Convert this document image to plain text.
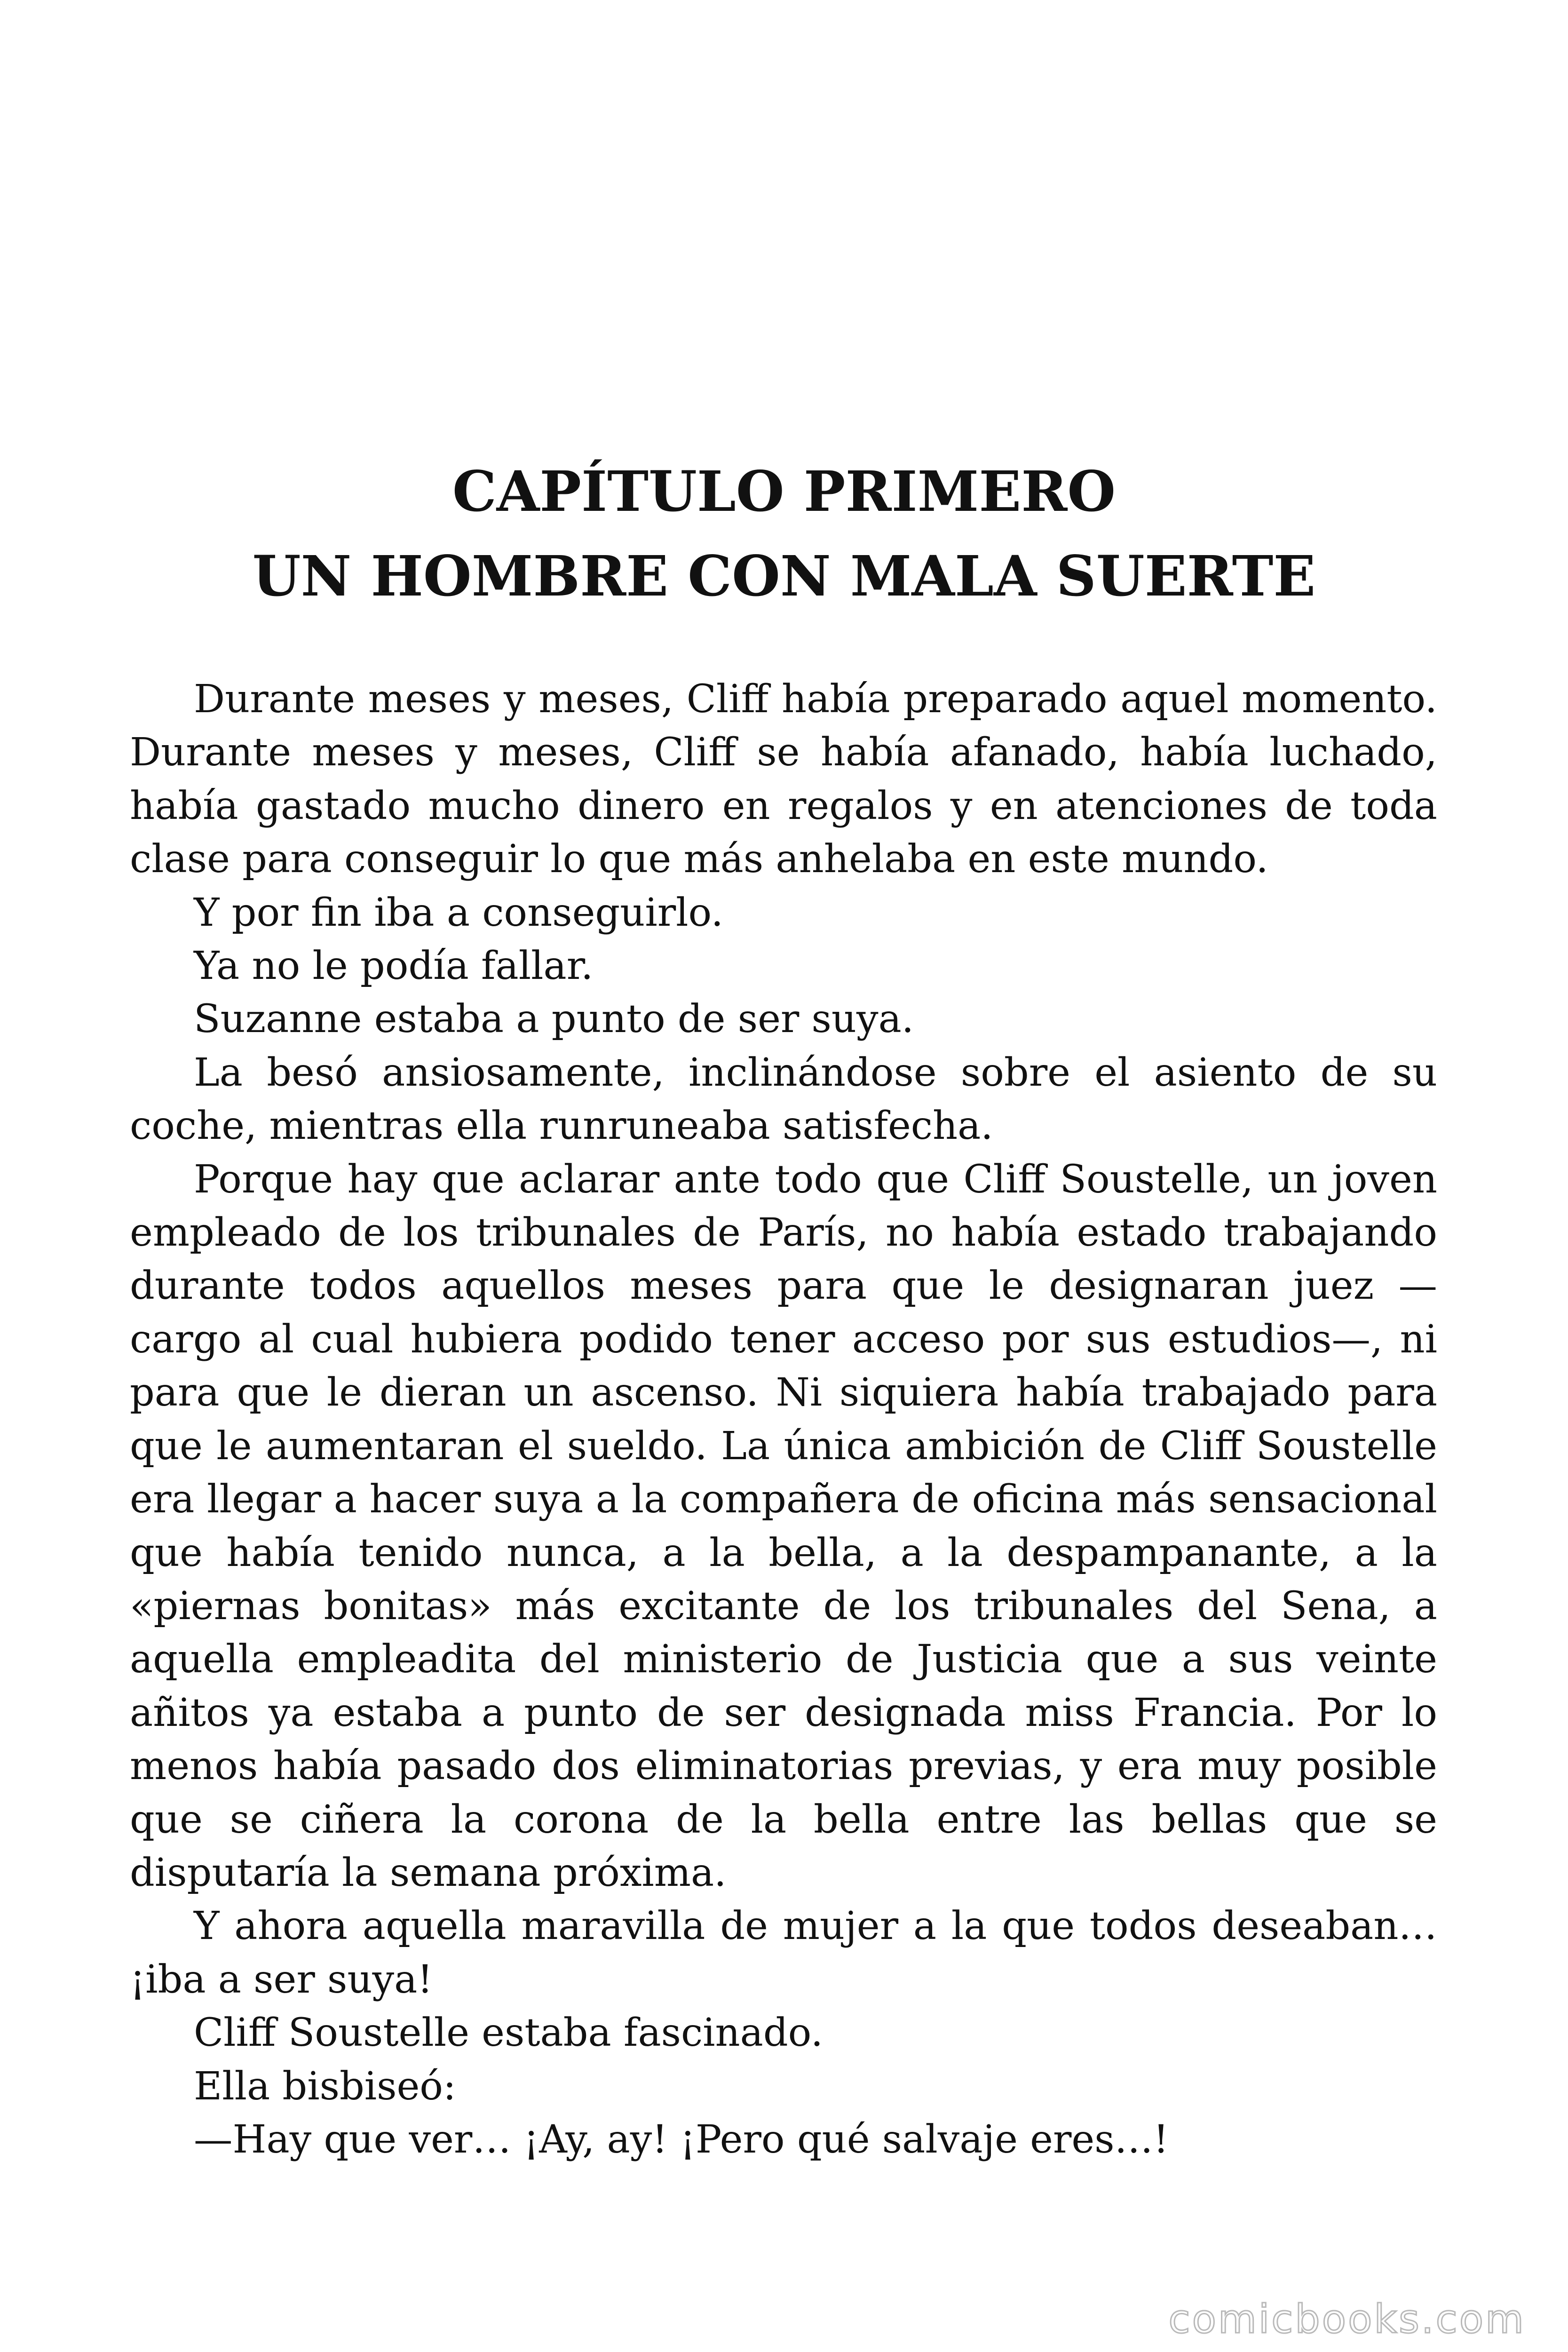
CAPÍTULO PRIMERO
UN HOMBRE CON MALA SUERTE

Durante meses y meses, Cliff había preparado aquel momento. Durante meses y meses, Cliff se había afanado, había luchado, había gastado mucho dinero en regalos y en atenciones de toda clase para conseguir lo que más anhelaba en este mundo.

Y por fin iba a conseguirlo.

Ya no le podía fallar.

Suzanne estaba a punto de ser suya.

La besó ansiosamente, inclinándose sobre el asiento de su coche, mientras ella runruneaba satisfecha.

Porque hay que aclarar ante todo que Cliff Soustelle, un joven empleado de los tribunales de París, no había estado trabajando durante todos aquellos meses para que le designaran juez —cargo al cual hubiera podido tener acceso por sus estudios—, ni para que le dieran un ascenso. Ni siquiera había trabajado para que le aumentaran el sueldo. La única ambición de Cliff Soustelle era llegar a hacer suya a la compañera de oficina más sensacional que había tenido nunca, a la bella, a la despampanante, a la «piernas bonitas» más excitante de los tribunales del Sena, a aquella empleadita del ministerio de Justicia que a sus veinte añitos ya estaba a punto de ser designada miss Francia. Por lo menos había pasado dos eliminatorias previas, y era muy posible que se ciñera la corona de la bella entre las bellas que se disputaría la semana próxima.

Y ahora aquella maravilla de mujer a la que todos deseaban… ¡iba a ser suya!

Cliff Soustelle estaba fascinado.

Ella bisbiseó:

—Hay que ver… ¡Ay, ay! ¡Pero qué salvaje eres…!

comicbooks.com
